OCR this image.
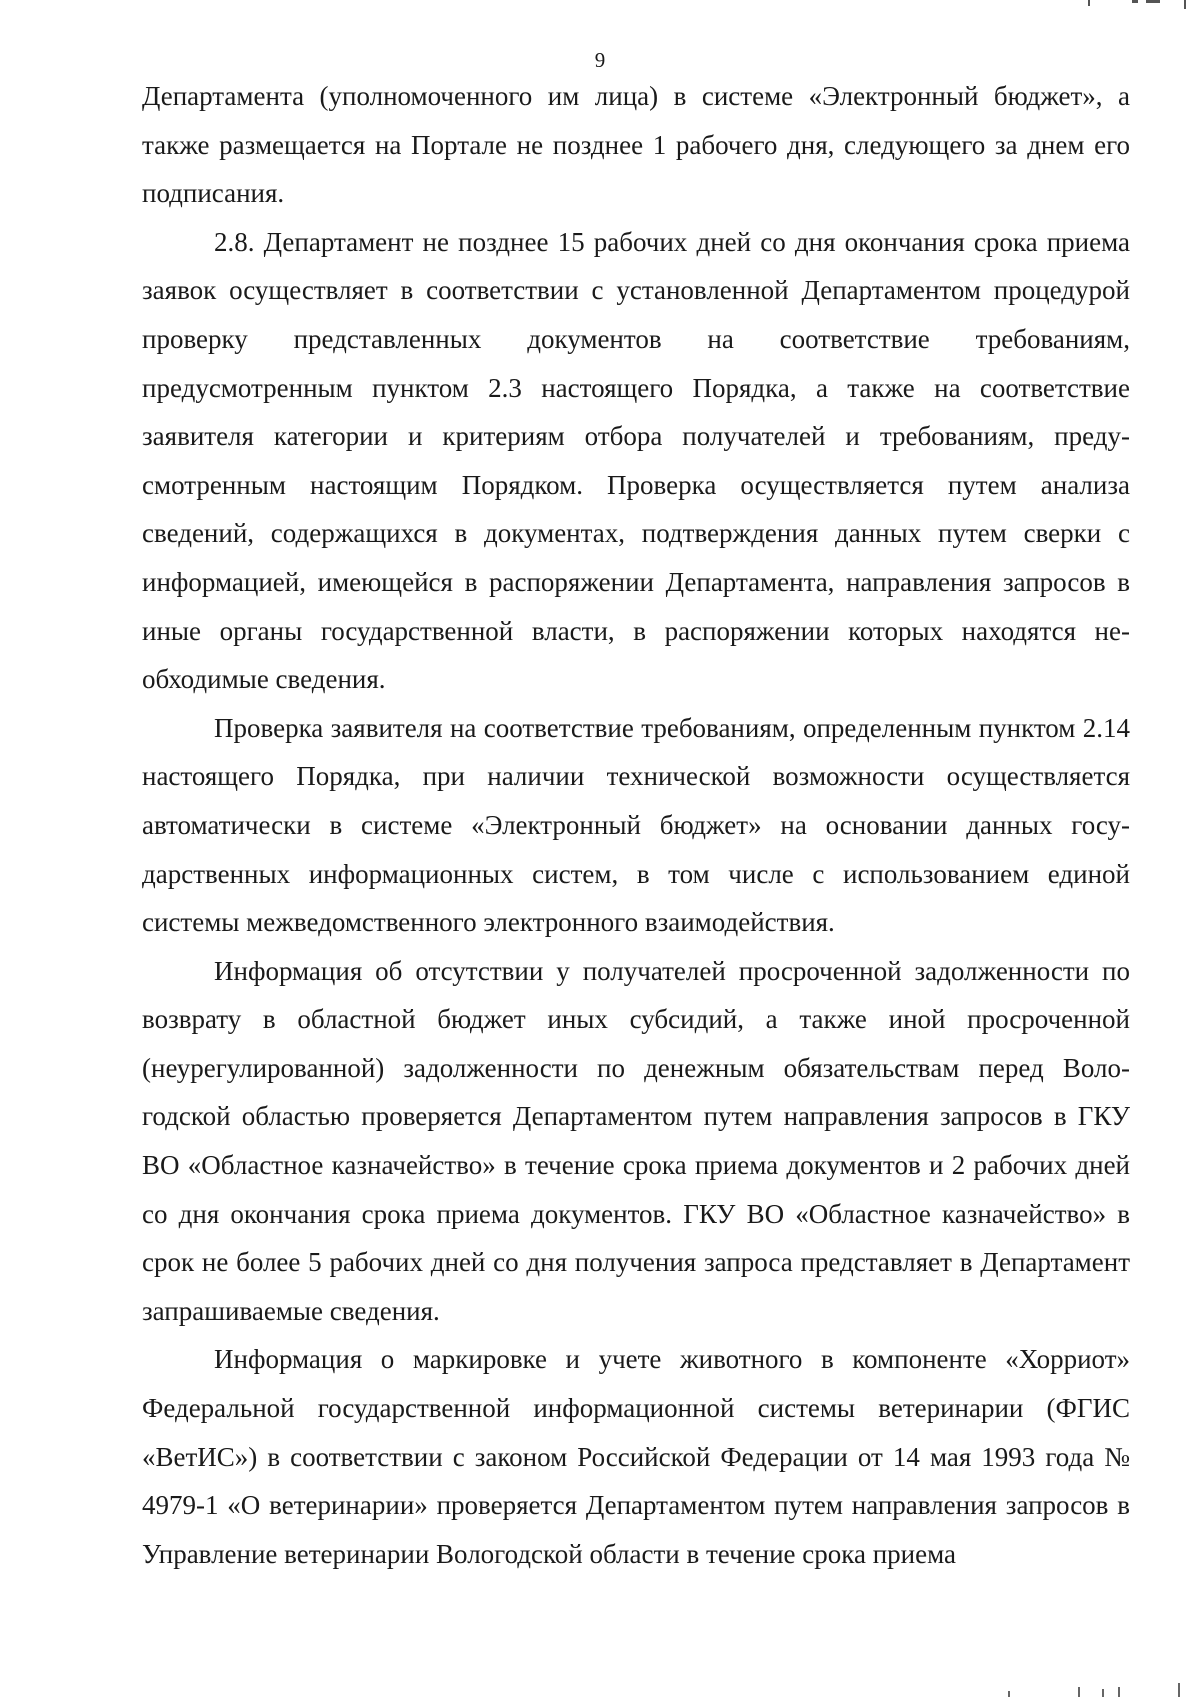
9

Департамента (уполномоченного им лица) в системе «Электронный бюджет», а также размещается на Портале не позднее 1 рабочего дня, следующего за днем его подписания.

2.8. Департамент не позднее 15 рабочих дней со дня окончания срока приема заявок осуществляет в соответствии с установленной Департаментом процедурой проверку представленных документов на соответствие требованиям, предусмотренным пунктом 2.3 настоящего Порядка, а также на соответствие заявителя категории и критериям отбора получателей и требованиям, предусмотренным настоящим Порядком. Проверка осуществляется путем анализа сведений, содержащихся в документах, подтверждения данных путем сверки с информацией, имеющейся в распоряжении Департамента, направления запросов в иные органы государственной власти, в распоряжении которых находятся необходимые сведения.

Проверка заявителя на соответствие требованиям, определенным пунктом 2.14 настоящего Порядка, при наличии технической возможности осуществляется автоматически в системе «Электронный бюджет» на основании данных государственных информационных систем, в том числе с использованием единой системы межведомственного электронного взаимодействия.

Информация об отсутствии у получателей просроченной задолженности по возврату в областной бюджет иных субсидий, а также иной просроченной (неурегулированной) задолженности по денежным обязательствам перед Вологодской областью проверяется Департаментом путем направления запросов в ГКУ ВО «Областное казначейство» в течение срока приема документов и 2 рабочих дней со дня окончания срока приема документов. ГКУ ВО «Областное казначейство» в срок не более 5 рабочих дней со дня получения запроса представляет в Департамент запрашиваемые сведения.

Информация о маркировке и учете животного в компоненте «Хорриот» Федеральной государственной информационной системы ветеринарии (ФГИС «ВетИС») в соответствии с законом Российской Федерации от 14 мая 1993 года № 4979-1 «О ветеринарии» проверяется Департаментом путем направления запросов в Управление ветеринарии Вологодской области в течение срока приема
